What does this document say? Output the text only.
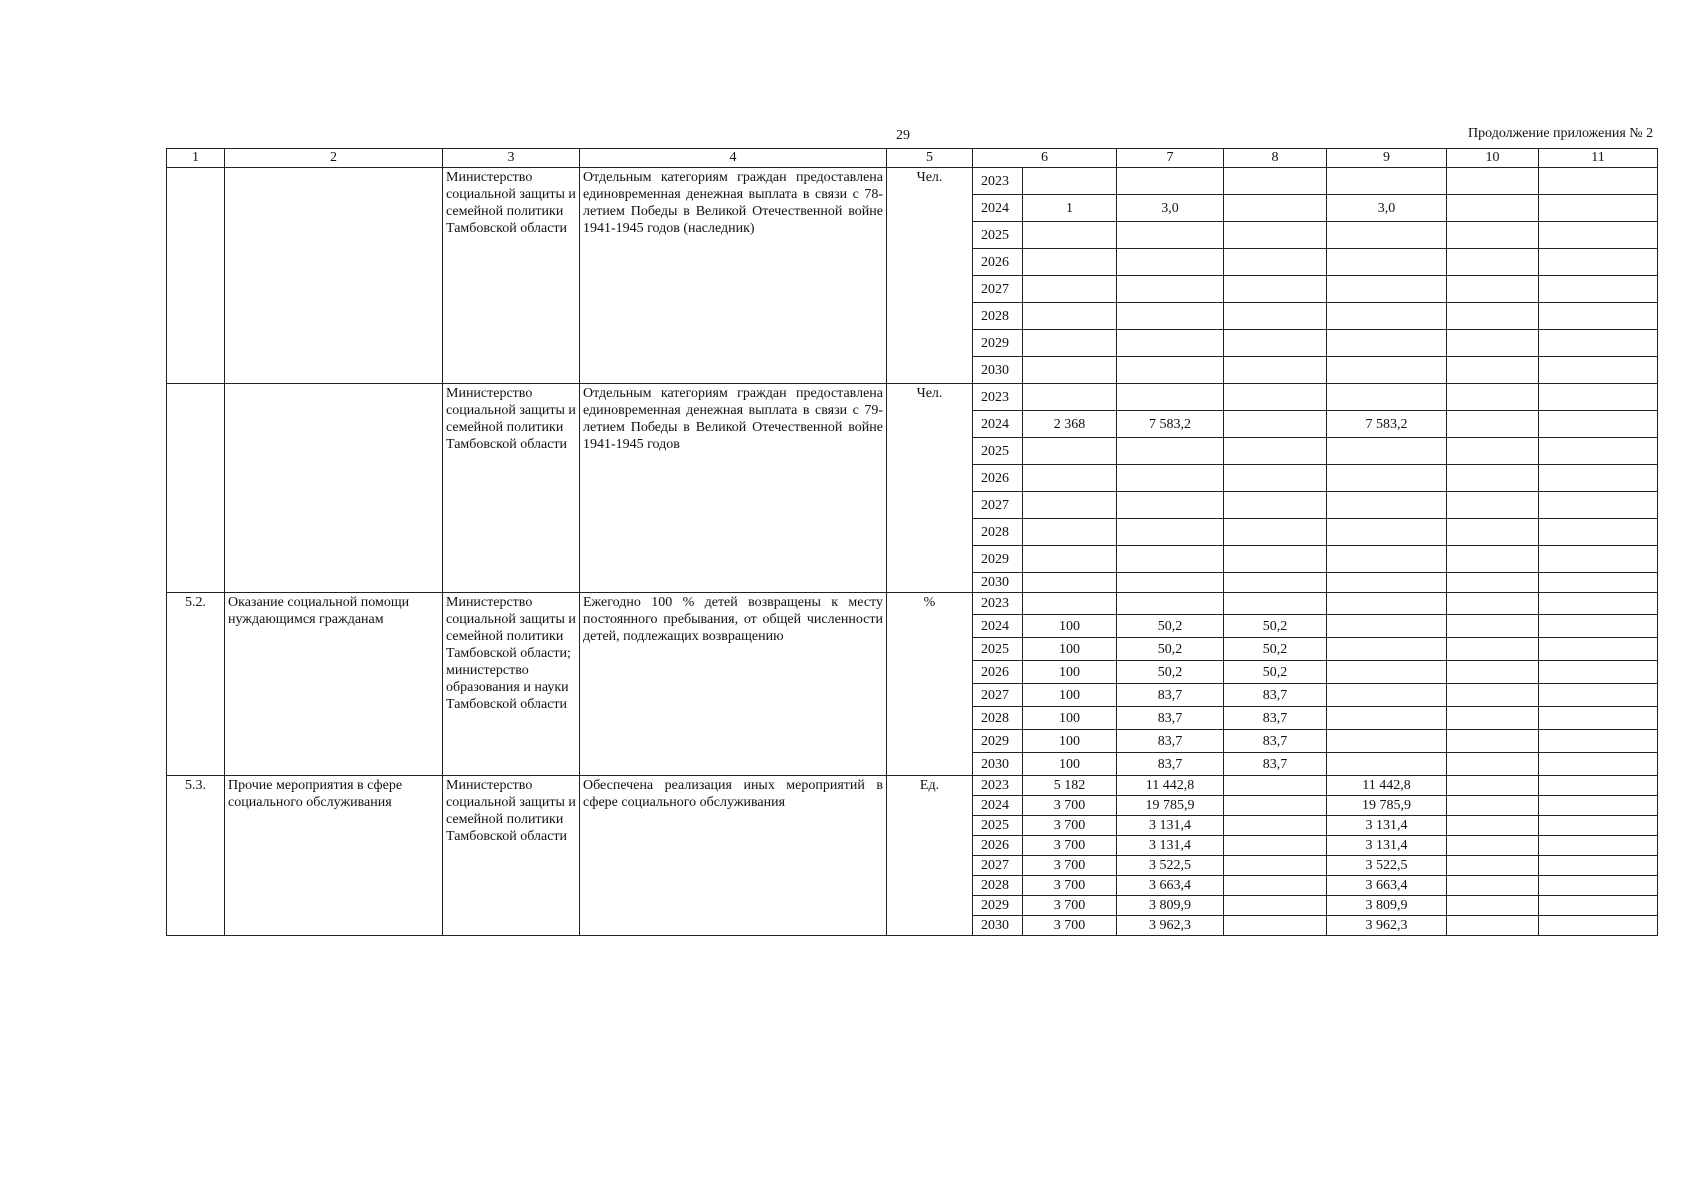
29	Продолжение приложения № 2
1	2	3	4	5	6		7	8	9	10	11
		Министерство социальной защиты и семейной политики Тамбовской области	Отдельным категориям граждан предоставлена единовременная денежная выплата в связи с 78-летием Победы в Великой Отечественной войне 1941-1945 годов (наследник)	Чел.	2023						
					2024	1	3,0		3,0		
					2025						
					2026						
					2027						
					2028						
					2029						
					2030						
		Министерство социальной защиты и семейной политики Тамбовской области	Отдельным категориям граждан предоставлена единовременная денежная выплата в связи с 79-летием Победы в Великой Отечественной войне 1941-1945 годов	Чел.	2023						
					2024	2 368	7 583,2		7 583,2		
					2025						
					2026						
					2027						
					2028						
					2029						
					2030						
5.2.	Оказание социальной помощи нуждающимся гражданам	Министерство социальной защиты и семейной политики Тамбовской области; министерство образования и науки Тамбовской области	Ежегодно 100 % детей возвращены к месту постоянного пребывания, от общей численности детей, подлежащих возвращению	%	2023						
					2024	100	50,2	50,2			
					2025	100	50,2	50,2			
					2026	100	50,2	50,2			
					2027	100	83,7	83,7			
					2028	100	83,7	83,7			
					2029	100	83,7	83,7			
					2030	100	83,7	83,7			
5.3.	Прочие мероприятия в сфере социального обслуживания	Министерство социальной защиты и семейной политики Тамбовской области	Обеспечена реализация иных мероприятий в сфере социального обслуживания	Ед.	2023	5 182	11 442,8		11 442,8		
					2024	3 700	19 785,9		19 785,9		
					2025	3 700	3 131,4		3 131,4		
					2026	3 700	3 131,4		3 131,4		
					2027	3 700	3 522,5		3 522,5		
					2028	3 700	3 663,4		3 663,4		
					2029	3 700	3 809,9		3 809,9		
					2030	3 700	3 962,3		3 962,3		
